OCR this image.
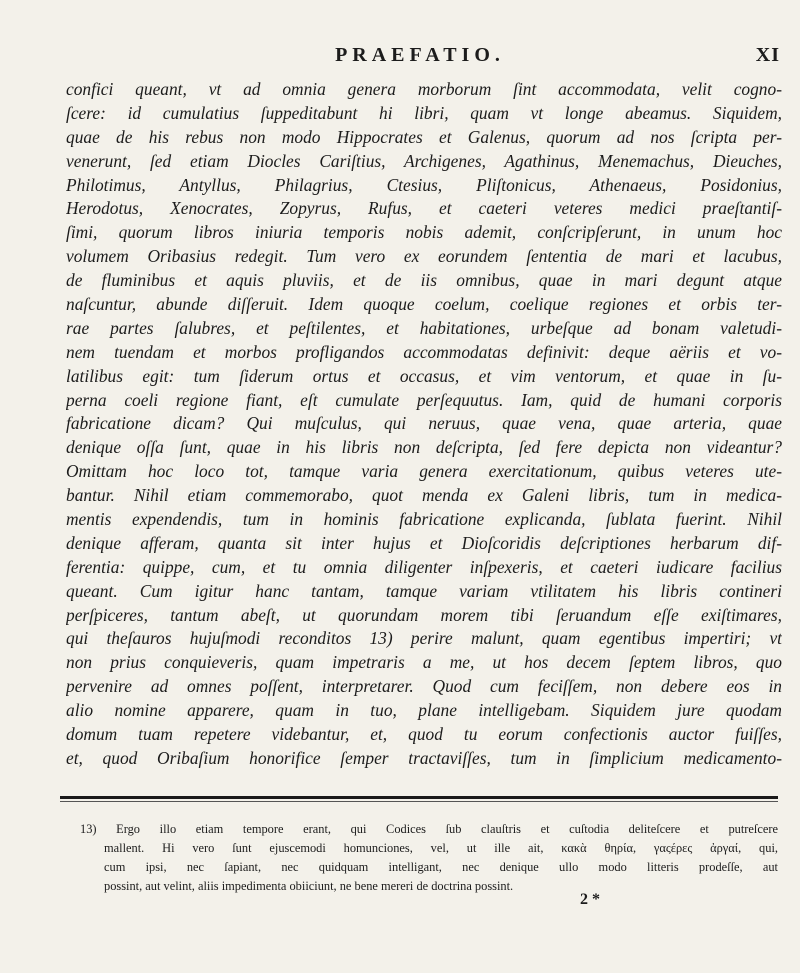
PRAEFATIO.	XI
confici queant, vt ad omnia genera morborum ſint accommodata, velit cogno-
ſcere: id cumulatius ſuppeditabunt hi libri, quam vt longe abeamus. Siquidem,
quae de his rebus non modo Hippocrates et Galenus, quorum ad nos ſcripta per-
venerunt, ſed etiam Diocles Cariſtius, Archigenes, Agathinus, Menemachus, Dieuches,
Philotimus, Antyllus, Philagrius, Ctesius, Pliſtonicus, Athenaeus, Posidonius,
Herodotus, Xenocrates, Zopyrus, Rufus, et caeteri veteres medici praeſtantiſ-
ſimi, quorum libros iniuria temporis nobis ademit, conſcripſerunt, in unum hoc
volumem Oribasius redegit. Tum vero ex eorundem ſententia de mari et lacubus,
de fluminibus et aquis pluviis, et de iis omnibus, quae in mari degunt atque
naſcuntur, abunde diſſeruit. Idem quoque coelum, coelique regiones et orbis ter-
rae partes ſalubres, et peſtilentes, et habitationes, urbeſque ad bonam valetudi-
nem tuendam et morbos profligandos accommodatas definivit: deque aëriis et vo-
latilibus egit: tum ſiderum ortus et occasus, et vim ventorum, et quae in ſu-
perna coeli regione fiant, eſt cumulate perſequutus. Iam, quid de humani corporis
fabricatione dicam? Qui muſculus, qui neruus, quae vena, quae arteria, quae
denique oſſa ſunt, quae in his libris non deſcripta, ſed fere depicta non videantur?
Omittam hoc loco tot, tamque varia genera exercitationum, quibus veteres ute-
bantur. Nihil etiam commemorabo, quot menda ex Galeni libris, tum in medica-
mentis expendendis, tum in hominis fabricatione explicanda, ſublata fuerint. Nihil
denique afferam, quanta sit inter hujus et Dioſcoridis deſcriptiones herbarum dif-
ferentia: quippe, cum, et tu omnia diligenter inſpexeris, et caeteri iudicare facilius
queant. Cum igitur hanc tantam, tamque variam vtilitatem his libris contineri
perſpiceres, tantum abeſt, ut quorundam morem tibi ſeruandum eſſe exiſtimares,
qui theſauros hujuſmodi reconditos 13) perire malunt, quam egentibus impertiri; vt
non prius conquieveris, quam impetraris a me, ut hos decem ſeptem libros, quo
pervenire ad omnes poſſent, interpretarer. Quod cum feciſſem, non debere eos in
alio nomine apparere, quam in tuo, plane intelligebam. Siquidem jure quodam
domum tuam repetere videbantur, et, quod tu eorum confectionis auctor fuiſſes,
et, quod Oribaſium honorifice ſemper tractaviſſes, tum in ſimplicium medicamento-
13) Ergo illo etiam tempore erant, qui Codices ſub clauſtris et cuſtodia deliteſcere et putreſcere
mallent. Hi vero ſunt ejuscemodi homunciones, vel, ut ille ait, κακὰ θηρία, γαςέρες ἀργαί, qui,
cum ipsi, nec ſapiant, nec quidquam intelligant, nec denique ullo modo litteris prodeſſe, aut
possint, aut velint, aliis impedimenta obiiciunt, ne bene mereri de doctrina possint.
2 *
